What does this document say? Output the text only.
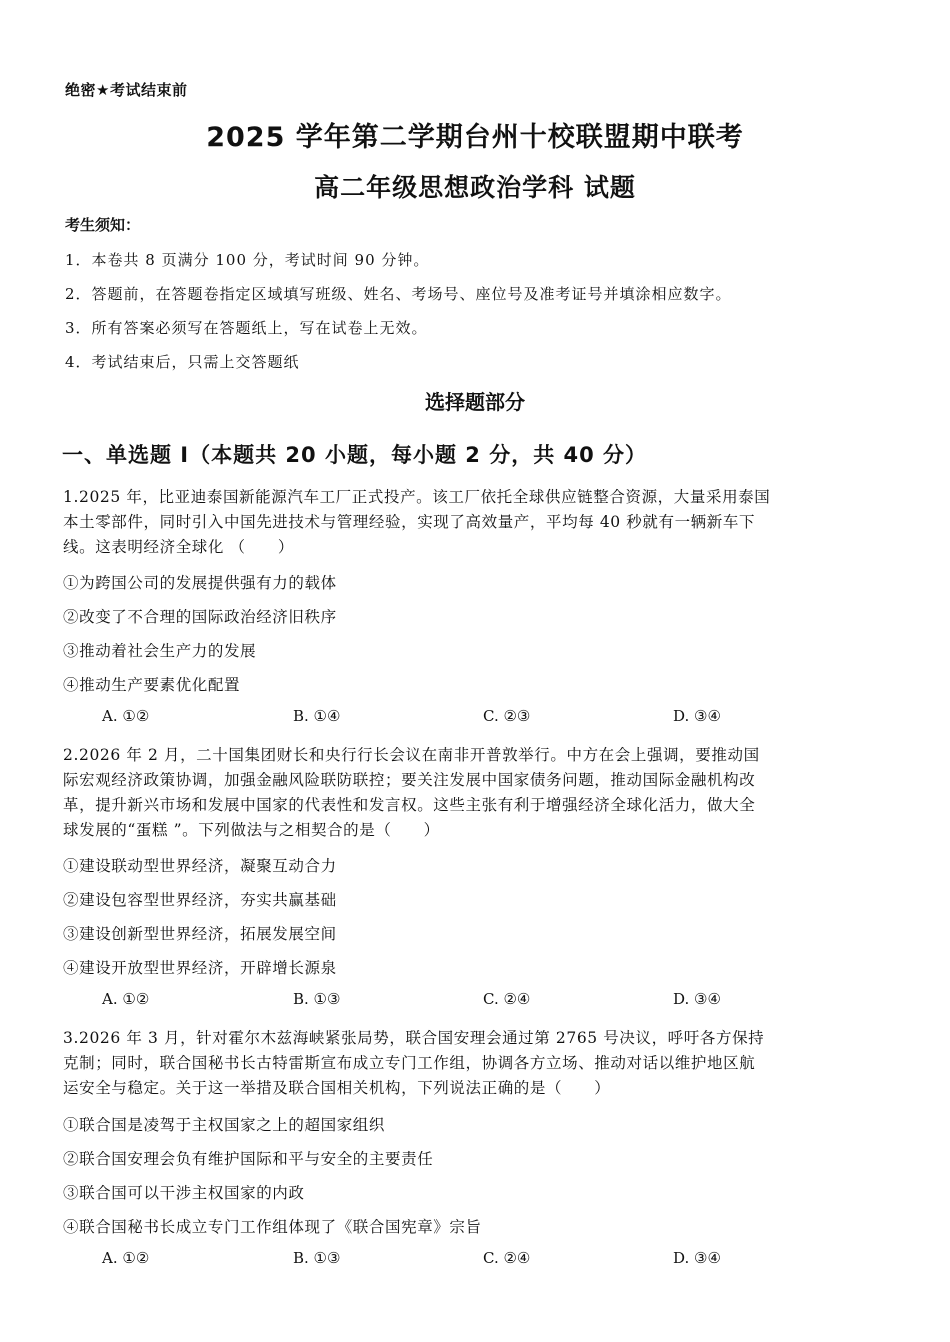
绝密★考试结束前
2025 学年第二学期台州十校联盟期中联考
高二年级思想政治学科 试题
考生须知：
1．本卷共 8 页满分 100 分，考试时间 90 分钟。
2．答题前，在答题卷指定区域填写班级、姓名、考场号、座位号及准考证号并填涂相应数字。
3．所有答案必须写在答题纸上，写在试卷上无效。
4．考试结束后，只需上交答题纸
选择题部分
一、单选题 I（本题共 20 小题，每小题 2 分，共 40 分）
1.2025 年，比亚迪泰国新能源汽车工厂正式投产。该工厂依托全球供应链整合资源，大量采用泰国
本土零部件，同时引入中国先进技术与管理经验，实现了高效量产，平均每 40 秒就有一辆新车下
线。这表明经济全球化 （　　）
①为跨国公司的发展提供强有力的载体
②改变了不合理的国际政治经济旧秩序
③推动着社会生产力的发展
④推动生产要素优化配置
A. ①②	B. ①④	C. ②③	D. ③④
2.2026 年 2 月，二十国集团财长和央行行长会议在南非开普敦举行。中方在会上强调，要推动国
际宏观经济政策协调，加强金融风险联防联控；要关注发展中国家债务问题，推动国际金融机构改
革，提升新兴市场和发展中国家的代表性和发言权。这些主张有利于增强经济全球化活力，做大全
球发展的“蛋糕 ”。下列做法与之相契合的是（　　）
①建设联动型世界经济，凝聚互动合力
②建设包容型世界经济，夯实共赢基础
③建设创新型世界经济，拓展发展空间
④建设开放型世界经济，开辟增长源泉
A. ①②	B. ①③	C. ②④	D. ③④
3.2026 年 3 月，针对霍尔木兹海峡紧张局势，联合国安理会通过第 2765 号决议，呼吁各方保持
克制；同时，联合国秘书长古特雷斯宣布成立专门工作组，协调各方立场、推动对话以维护地区航
运安全与稳定。关于这一举措及联合国相关机构，下列说法正确的是（　　）
①联合国是凌驾于主权国家之上的超国家组织
②联合国安理会负有维护国际和平与安全的主要责任
③联合国可以干涉主权国家的内政
④联合国秘书长成立专门工作组体现了《联合国宪章》宗旨
A. ①②	B. ①③	C. ②④	D. ③④
